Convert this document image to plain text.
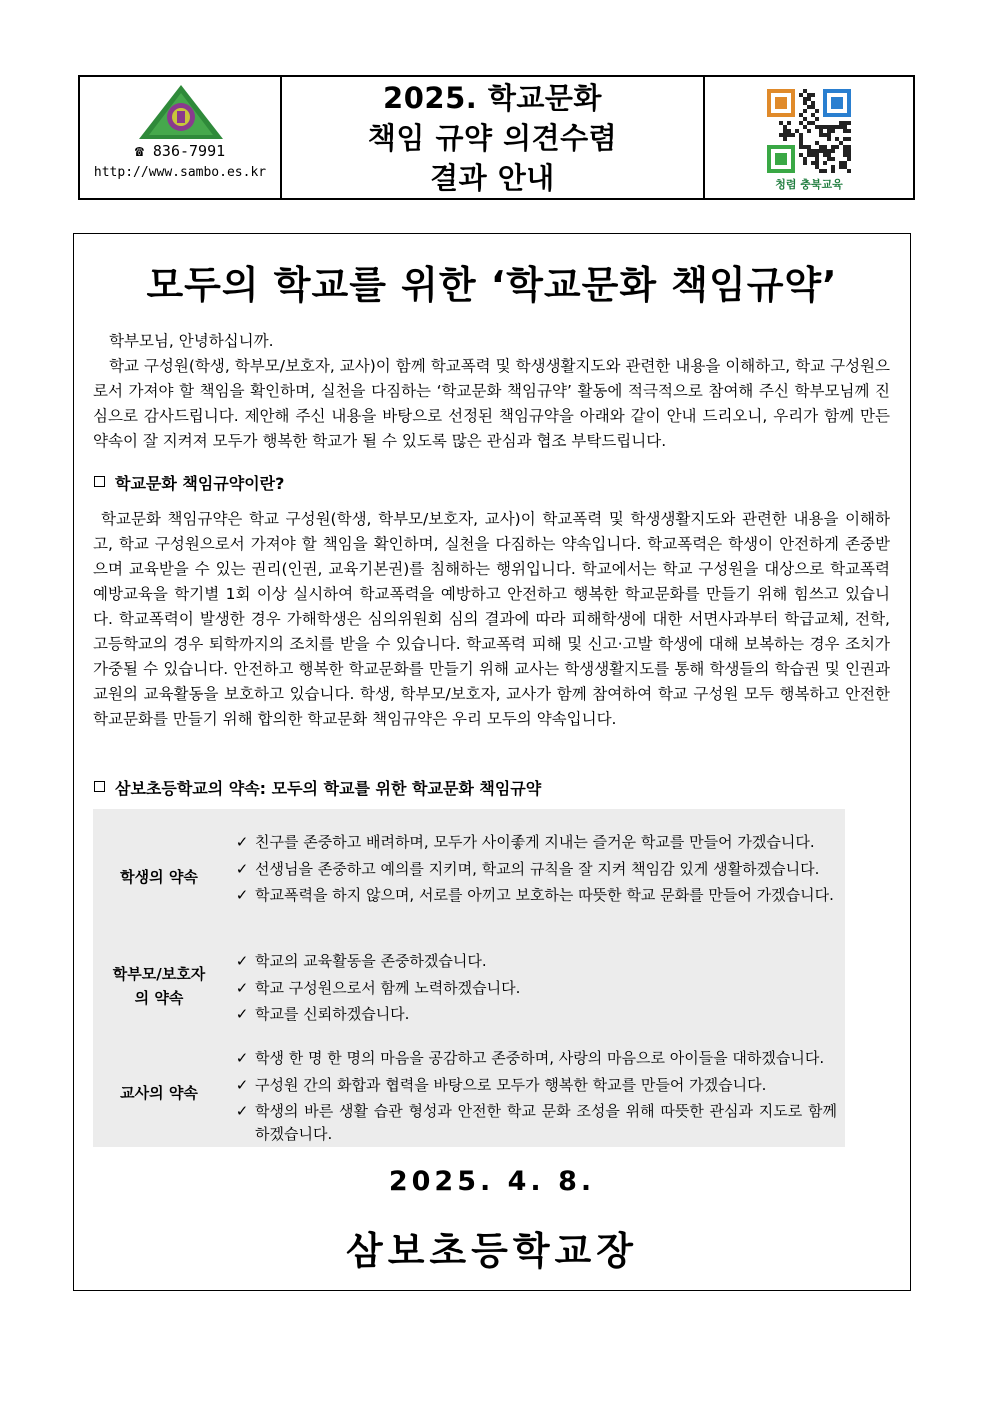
☎ 836-7991
http://www.sambo.es.kr
2025. 학교문화
책임 규약 의견수렴
결과 안내	청렴 충북교육
모두의 학교를 위한 ‘학교문화 책임규약’
학부모님, 안녕하십니까.
학교 구성원(학생, 학부모/보호자, 교사)이 함께 학교폭력 및 학생생활지도와 관련한 내용을 이해하고, 학교 구성원으로서 가져야 할 책임을 확인하며, 실천을 다짐하는 ‘학교문화 책임규약’ 활동에 적극적으로 참여해 주신 학부모님께 진심으로 감사드립니다. 제안해 주신 내용을 바탕으로 선정된 책임규약을 아래와 같이 안내 드리오니, 우리가 함께 만든 약속이 잘 지켜져 모두가 행복한 학교가 될 수 있도록 많은 관심과 협조 부탁드립니다.
학교문화 책임규약이란?
학교문화 책임규약은 학교 구성원(학생, 학부모/보호자, 교사)이 학교폭력 및 학생생활지도와 관련한 내용을 이해하고, 학교 구성원으로서 가져야 할 책임을 확인하며, 실천을 다짐하는 약속입니다. 학교폭력은 학생이 안전하게 존중받으며 교육받을 수 있는 권리(인권, 교육기본권)를 침해하는 행위입니다. 학교에서는 학교 구성원을 대상으로 학교폭력 예방교육을 학기별 1회 이상 실시하여 학교폭력을 예방하고 안전하고 행복한 학교문화를 만들기 위해 힘쓰고 있습니다. 학교폭력이 발생한 경우 가해학생은 심의위원회 심의 결과에 따라 피해학생에 대한 서면사과부터 학급교체, 전학, 고등학교의 경우 퇴학까지의 조치를 받을 수 있습니다. 학교폭력 피해 및 신고·고발 학생에 대해 보복하는 경우 조치가 가중될 수 있습니다. 안전하고 행복한 학교문화를 만들기 위해 교사는 학생생활지도를 통해 학생들의 학습권 및 인권과 교원의 교육활동을 보호하고 있습니다. 학생, 학부모/보호자, 교사가 함께 참여하여 학교 구성원 모두 행복하고 안전한 학교문화를 만들기 위해 합의한 학교문화 책임규약은 우리 모두의 약속입니다.
삼보초등학교의 약속: 모두의 학교를 위한 학교문화 책임규약
학생의 약속
✓ 친구를 존중하고 배려하며, 모두가 사이좋게 지내는 즐거운 학교를 만들어 가겠습니다.
✓ 선생님을 존중하고 예의를 지키며, 학교의 규칙을 잘 지켜 책임감 있게 생활하겠습니다.
✓ 학교폭력을 하지 않으며, 서로를 아끼고 보호하는 따뜻한 학교 문화를 만들어 가겠습니다.
학부모/보호자
의 약속
✓ 학교의 교육활동을 존중하겠습니다.
✓ 학교 구성원으로서 함께 노력하겠습니다.
✓ 학교를 신뢰하겠습니다.
교사의 약속
✓ 학생 한 명 한 명의 마음을 공감하고 존중하며, 사랑의 마음으로 아이들을 대하겠습니다.
✓ 구성원 간의 화합과 협력을 바탕으로 모두가 행복한 학교를 만들어 가겠습니다.
✓ 학생의 바른 생활 습관 형성과 안전한 학교 문화 조성을 위해 따뜻한 관심과 지도로 함께하겠습니다.
2025. 4. 8.
삼보초등학교장
